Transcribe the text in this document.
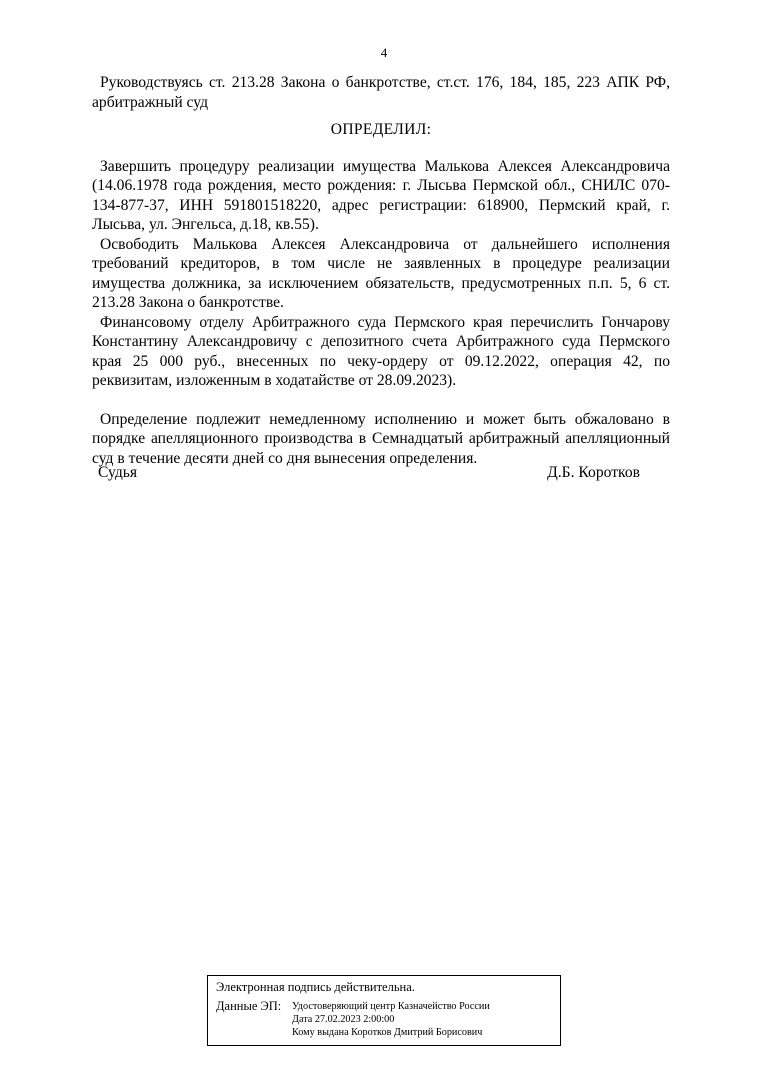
4

Руководствуясь ст. 213.28 Закона о банкротстве, ст.ст. 176, 184, 185, 223 АПК РФ, арбитражный суд

ОПРЕДЕЛИЛ:

Завершить процедуру реализации имущества Малькова Алексея Александровича (14.06.1978 года рождения, место рождения: г. Лысьва Пермской обл., СНИЛС 070-134-877-37, ИНН 591801518220, адрес регистрации: 618900, Пермский край, г. Лысьва, ул. Энгельса, д.18, кв.55).

Освободить Малькова Алексея Александровича от дальнейшего исполнения требований кредиторов, в том числе не заявленных в процедуре реализации имущества должника, за исключением обязательств, предусмотренных п.п. 5, 6 ст. 213.28 Закона о банкротстве.

Финансовому отделу Арбитражного суда Пермского края перечислить Гончарову Константину Александровичу с депозитного счета Арбитражного суда Пермского края 25 000 руб., внесенных по чеку-ордеру от 09.12.2022, операция 42, по реквизитам, изложенным в ходатайстве от 28.09.2023).

Определение подлежит немедленному исполнению и может быть обжаловано в порядке апелляционного производства в Семнадцатый арбитражный апелляционный суд в течение десяти дней со дня вынесения определения.

Судья	Д.Б. Коротков

Электронная подпись действительна.

Данные ЭП:	Удостоверяющий центр Казначейство России
Дата 27.02.2023 2:00:00
Кому выдана Коротков Дмитрий Борисович
